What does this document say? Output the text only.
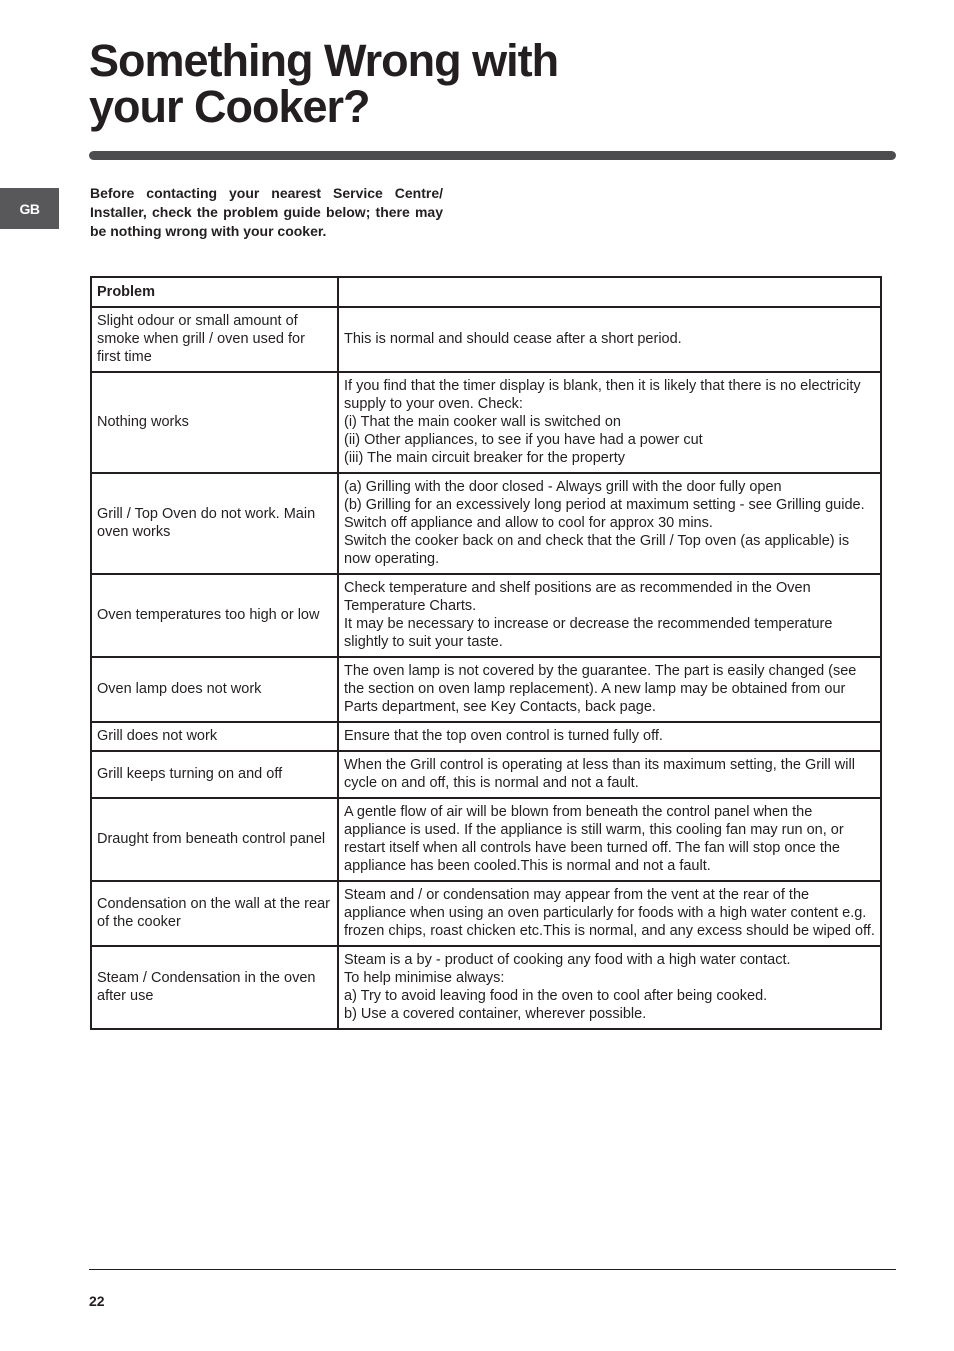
Something Wrong with
your Cooker?
GB

Before contacting your nearest Service Centre/ Installer, check the problem guide below; there may be nothing wrong with your cooker.

Problem	
Slight odour or small amount of smoke when grill / oven used for first time	This is normal and should cease after a short period.

Nothing works	If you find that the timer display is blank, then it is likely that there is no electricity supply to your oven. Check:
(i) That the main cooker wall is switched on
(ii) Other appliances, to see if you have had a power cut
(iii) The main circuit breaker for the property

Grill / Top Oven do not work. Main oven works	(a) Grilling with the door closed - Always grill with the door fully open
(b) Grilling for an excessively long period at maximum setting - see Grilling guide. Switch off appliance and allow to cool for approx 30 mins.
Switch the cooker back on and check that the Grill / Top oven (as applicable) is now operating.

Oven temperatures too high or low	Check temperature and shelf positions are as recommended in the Oven Temperature Charts.
It may be necessary to increase or decrease the recommended temperature slightly to suit your taste.

Oven lamp does not work	The oven lamp is not covered by the guarantee. The part is easily changed (see the section on oven lamp replacement). A new lamp may be obtained from our Parts department, see Key Contacts, back page.

Grill does not work	Ensure that the top oven control is turned fully off.

Grill keeps turning on and off	When the Grill control is operating at less than its maximum setting, the Grill will cycle on and off, this is normal and not a fault.

Draught from beneath control panel	A gentle flow of air will be blown from beneath the control panel when the appliance is used. If the appliance is still warm, this cooling fan may run on, or restart itself when all controls have been turned off. The fan will stop once the appliance has been cooled.This is normal and not a fault.

Condensation on the wall at the rear of the cooker	Steam and / or condensation may appear from the vent at the rear of the appliance when using an oven particularly for foods with a high water content e.g. frozen chips, roast chicken etc.This is normal, and any excess should be wiped off.

Steam / Condensation in the oven after use	Steam is a by - product of cooking any food with a high water contact.
To help minimise always:
a) Try to avoid leaving food in the oven to cool after being cooked.
b) Use a covered container, wherever possible.
22
